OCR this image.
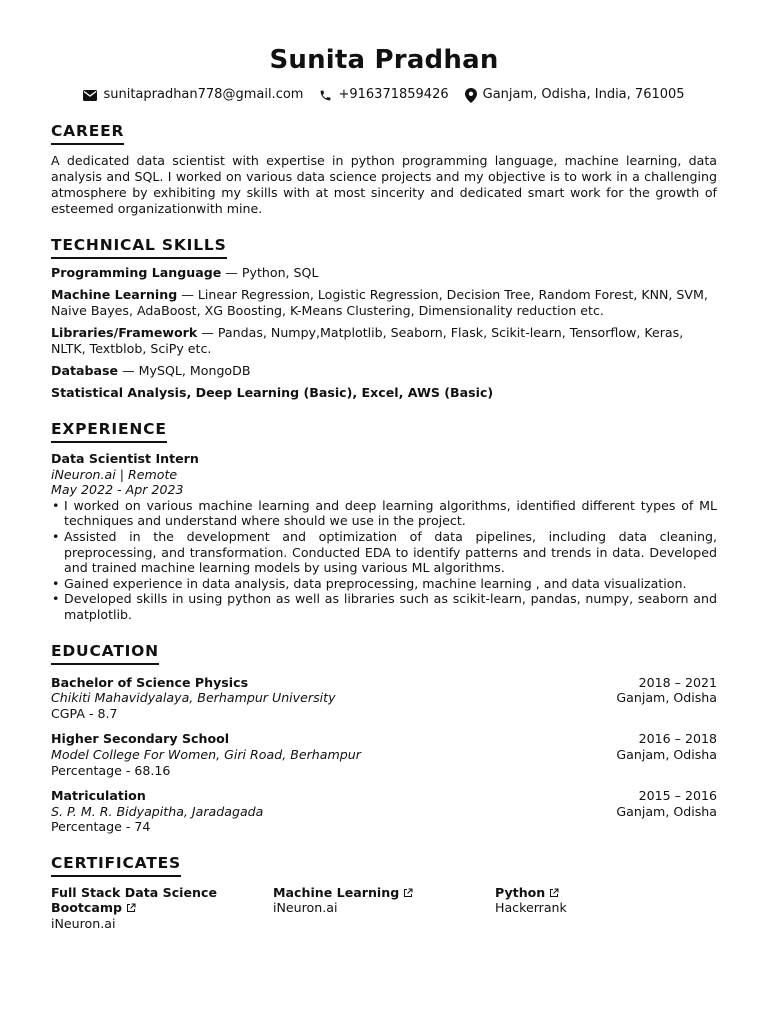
Sunita Pradhan
sunitapradhan778@gmail.com	+916371859426	Ganjam, Odisha, India, 761005
CAREER
A dedicated data scientist with expertise in python programming language, machine learning, data analysis and SQL. I worked on various data science projects and my objective is to work in a challenging atmosphere by exhibiting my skills with at most sincerity and dedicated smart work for the growth of esteemed organizationwith mine.
TECHNICAL SKILLS
Programming Language — Python, SQL
Machine Learning — Linear Regression, Logistic Regression, Decision Tree, Random Forest, KNN, SVM, Naive Bayes, AdaBoost, XG Boosting, K-Means Clustering, Dimensionality reduction etc.
Libraries/Framework — Pandas, Numpy,Matplotlib, Seaborn, Flask, Scikit-learn, Tensorflow, Keras, NLTK, Textblob, SciPy etc.
Database — MySQL, MongoDB
Statistical Analysis, Deep Learning (Basic), Excel, AWS (Basic)
EXPERIENCE
Data Scientist Intern
iNeuron.ai | Remote
May 2022 - Apr 2023
• I worked on various machine learning and deep learning algorithms, identified different types of ML techniques and understand where should we use in the project.
• Assisted in the development and optimization of data pipelines, including data cleaning, preprocessing, and transformation. Conducted EDA to identify patterns and trends in data. Developed and trained machine learning models by using various ML algorithms.
• Gained experience in data analysis, data preprocessing, machine learning , and data visualization.
• Developed skills in using python as well as libraries such as scikit-learn, pandas, numpy, seaborn and matplotlib.
EDUCATION
Bachelor of Science Physics	2018 – 2021
Chikiti Mahavidyalaya, Berhampur University	Ganjam, Odisha
CGPA - 8.7
Higher Secondary School	2016 – 2018
Model College For Women, Giri Road, Berhampur	Ganjam, Odisha
Percentage - 68.16
Matriculation	2015 – 2016
S. P. M. R. Bidyapitha, Jaradagada	Ganjam, Odisha
Percentage - 74
CERTIFICATES
Full Stack Data Science
Bootcamp
iNeuron.ai
Machine Learning
iNeuron.ai
Python
Hackerrank
